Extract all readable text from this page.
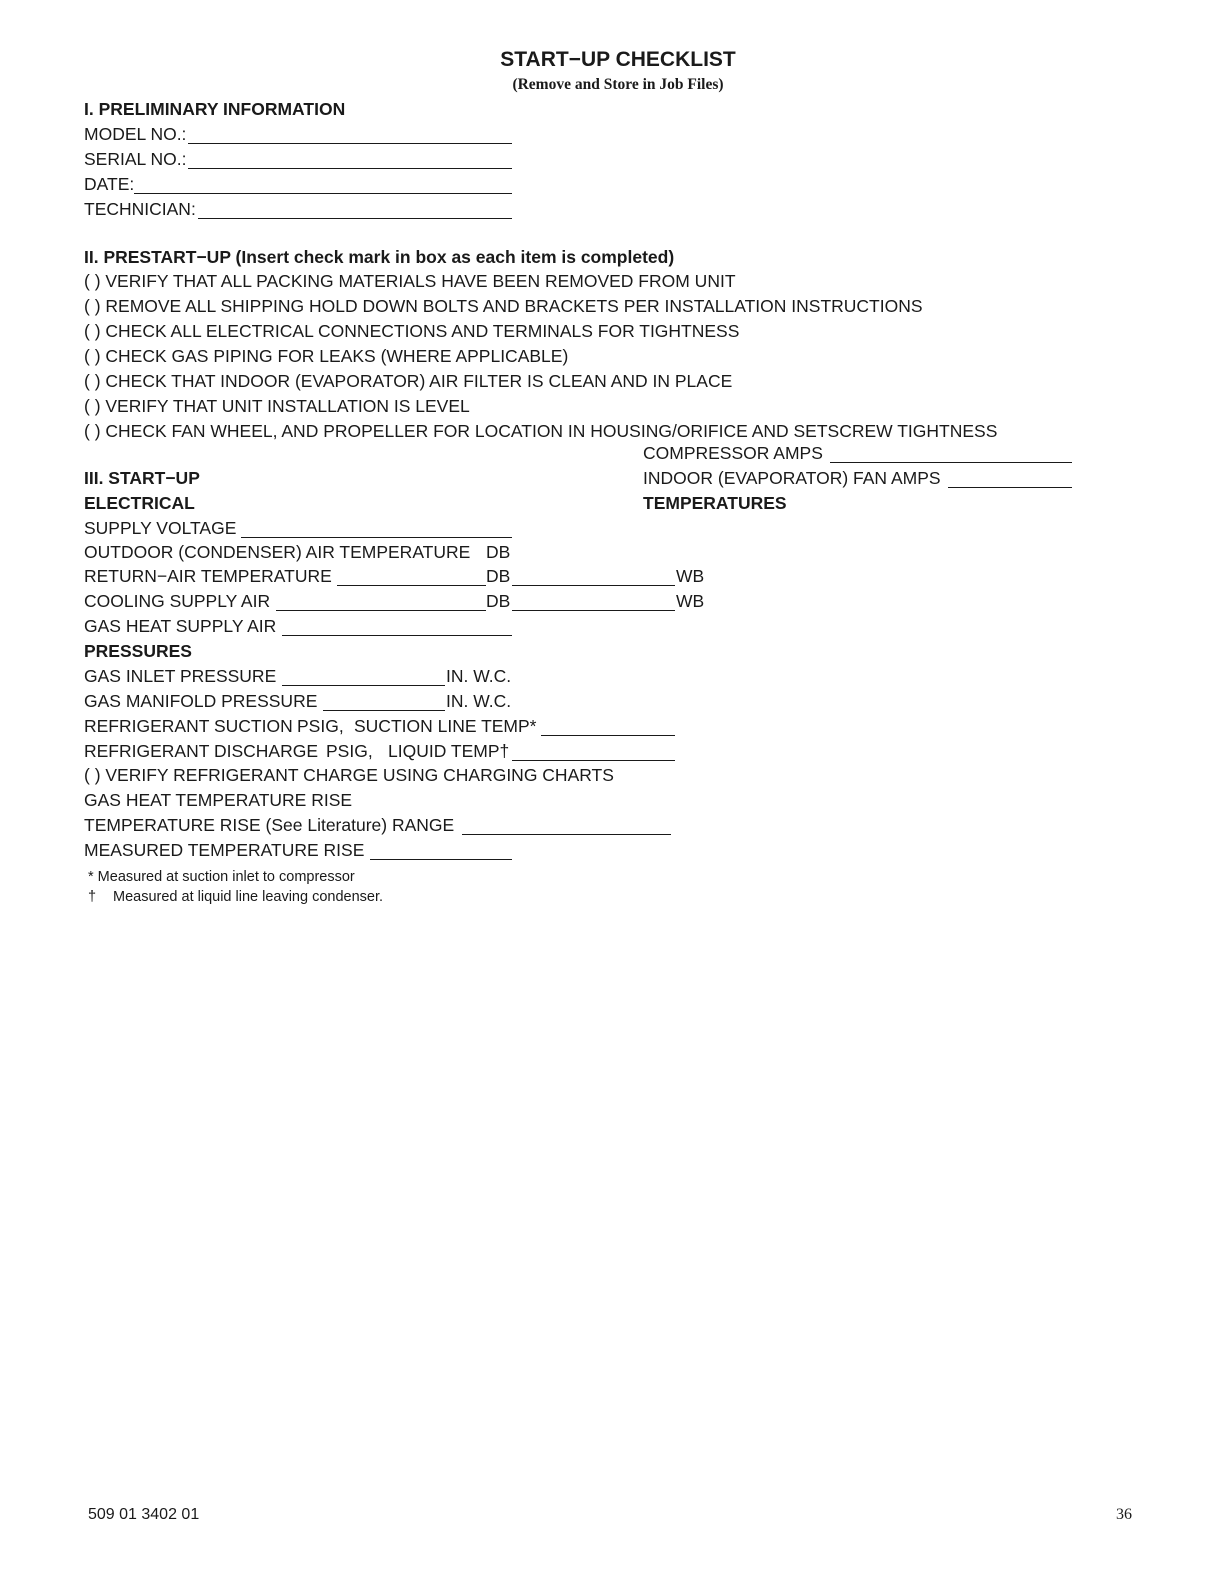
START−UP CHECKLIST
(Remove and Store in Job Files)
I. PRELIMINARY INFORMATION
MODEL NO.:
SERIAL NO.:
DATE:
TECHNICIAN:
II. PRESTART−UP (Insert check mark in box as each item is completed)
( ) VERIFY THAT ALL PACKING MATERIALS HAVE BEEN REMOVED FROM UNIT
( ) REMOVE ALL SHIPPING HOLD DOWN BOLTS AND BRACKETS PER INSTALLATION INSTRUCTIONS
( ) CHECK ALL ELECTRICAL CONNECTIONS AND TERMINALS FOR TIGHTNESS
( ) CHECK GAS PIPING FOR LEAKS (WHERE APPLICABLE)
( ) CHECK THAT INDOOR (EVAPORATOR) AIR FILTER IS CLEAN AND IN PLACE
( ) VERIFY THAT UNIT INSTALLATION IS LEVEL
( ) CHECK FAN WHEEL, AND PROPELLER FOR LOCATION IN HOUSING/ORIFICE AND SETSCREW TIGHTNESS
COMPRESSOR AMPS
INDOOR (EVAPORATOR) FAN AMPS
TEMPERATURES
III. START−UP
ELECTRICAL
SUPPLY VOLTAGE
OUTDOOR (CONDENSER) AIR TEMPERATURE DB
RETURN−AIR TEMPERATURE	DB	WB
COOLING SUPPLY AIR	DB	WB
GAS HEAT SUPPLY AIR
PRESSURES
GAS INLET PRESSURE	IN. W.C.
GAS MANIFOLD PRESSURE	IN. W.C.
REFRIGERANT SUCTION PSIG, SUCTION LINE TEMP*
REFRIGERANT DISCHARGE PSIG, LIQUID TEMP†
( ) VERIFY REFRIGERANT CHARGE USING CHARGING CHARTS
GAS HEAT TEMPERATURE RISE
TEMPERATURE RISE (See Literature) RANGE
MEASURED TEMPERATURE RISE
* Measured at suction inlet to compressor
† Measured at liquid line leaving condenser.
509 01 3402 01	36
